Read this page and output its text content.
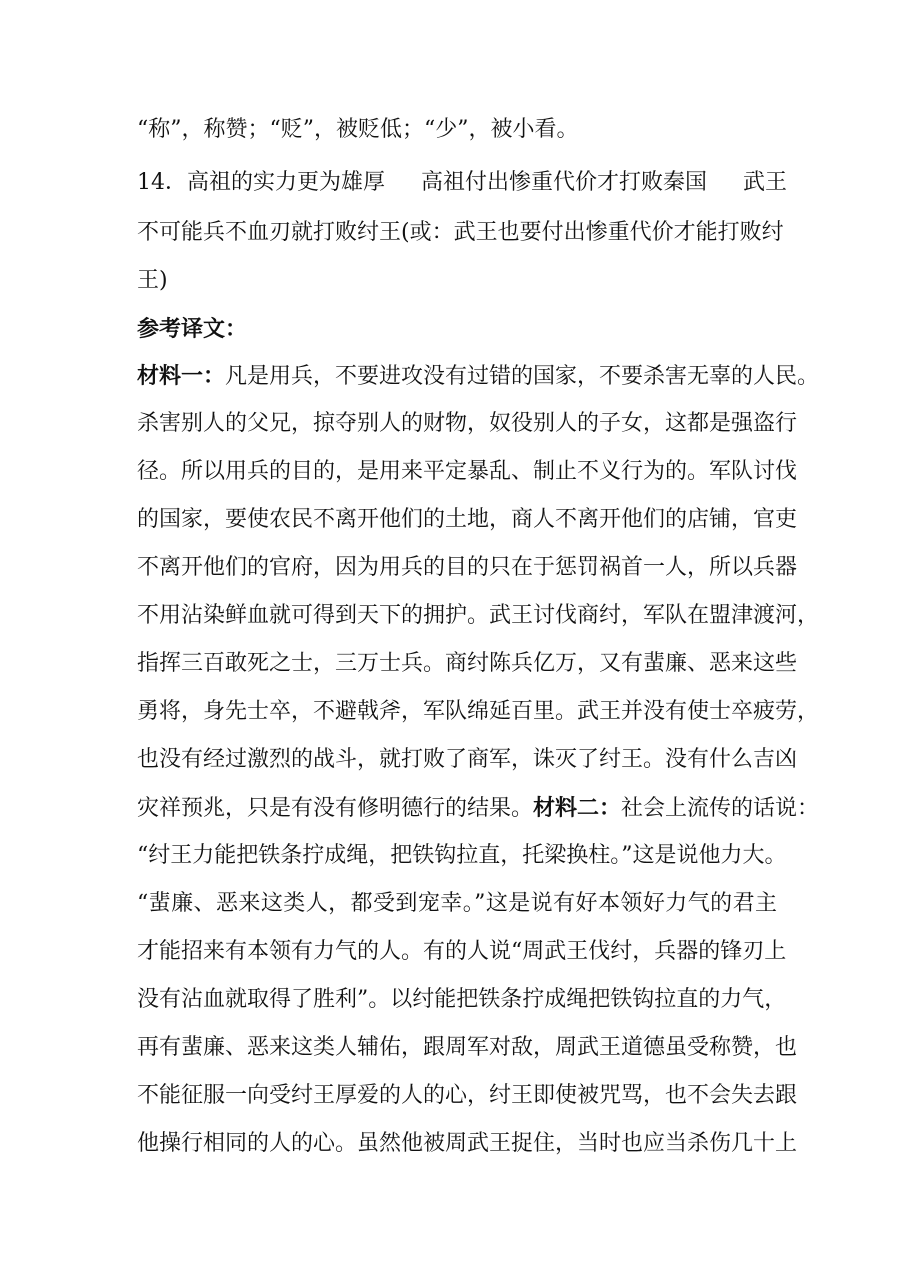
“称”，称赞；“贬”，被贬低；“少”，被小看。
14．高祖的实力更为雄厚 高祖付出惨重代价才打败秦国 武王
不可能兵不血刃就打败纣王(或：武王也要付出惨重代价才能打败纣
王)
参考译文：
材料一：凡是用兵，不要进攻没有过错的国家，不要杀害无辜的人民。
杀害别人的父兄，掠夺别人的财物，奴役别人的子女，这都是强盗行
径。所以用兵的目的，是用来平定暴乱、制止不义行为的。军队讨伐
的国家，要使农民不离开他们的土地，商人不离开他们的店铺，官吏
不离开他们的官府，因为用兵的目的只在于惩罚祸首一人，所以兵器
不用沾染鲜血就可得到天下的拥护。武王讨伐商纣，军队在盟津渡河，
指挥三百敢死之士，三万士兵。商纣陈兵亿万，又有蜚廉、恶来这些
勇将，身先士卒，不避戟斧，军队绵延百里。武王并没有使士卒疲劳，
也没有经过激烈的战斗，就打败了商军，诛灭了纣王。没有什么吉凶
灾祥预兆，只是有没有修明德行的结果。材料二：社会上流传的话说：
“纣王力能把铁条拧成绳，把铁钩拉直，托梁换柱。”这是说他力大。
“蜚廉、恶来这类人，都受到宠幸。”这是说有好本领好力气的君主
才能招来有本领有力气的人。有的人说“周武王伐纣，兵器的锋刃上
没有沾血就取得了胜利”。以纣能把铁条拧成绳把铁钩拉直的力气，
再有蜚廉、恶来这类人辅佑，跟周军对敌，周武王道德虽受称赞，也
不能征服一向受纣王厚爱的人的心，纣王即使被咒骂，也不会失去跟
他操行相同的人的心。虽然他被周武王捉住，当时也应当杀伤几十上
